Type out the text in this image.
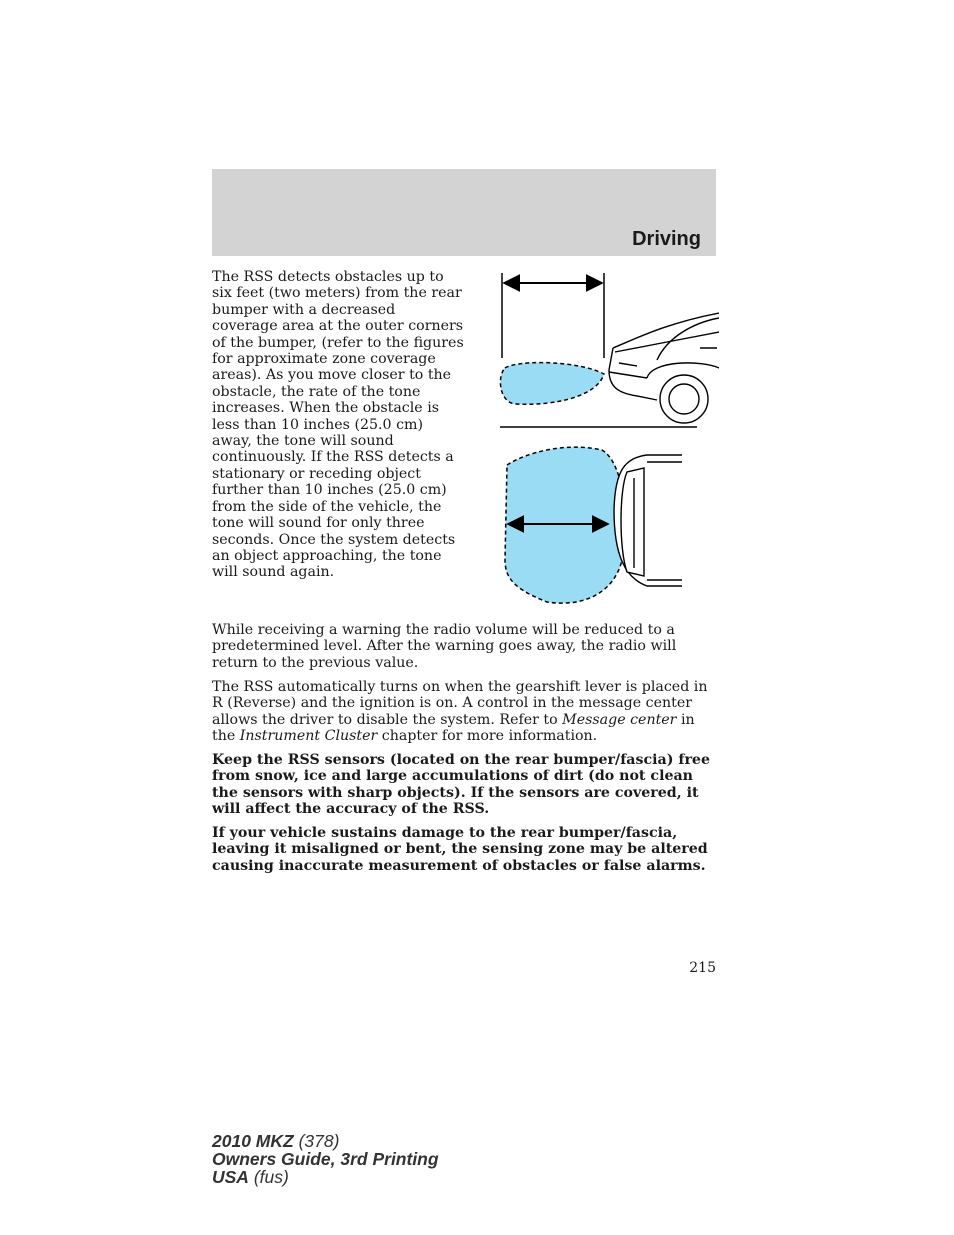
Driving

The RSS detects obstacles up to six feet (two meters) from the rear bumper with a decreased coverage area at the outer corners of the bumper, (refer to the figures for approximate zone coverage areas). As you move closer to the obstacle, the rate of the tone increases. When the obstacle is less than 10 inches (25.0 cm) away, the tone will sound continuously. If the RSS detects a stationary or receding object further than 10 inches (25.0 cm) from the side of the vehicle, the tone will sound for only three seconds. Once the system detects an object approaching, the tone will sound again.

While receiving a warning the radio volume will be reduced to a predetermined level. After the warning goes away, the radio will return to the previous value.

The RSS automatically turns on when the gearshift lever is placed in R (Reverse) and the ignition is on. A control in the message center allows the driver to disable the system. Refer to Message center in the Instrument Cluster chapter for more information.

Keep the RSS sensors (located on the rear bumper/fascia) free from snow, ice and large accumulations of dirt (do not clean the sensors with sharp objects). If the sensors are covered, it will affect the accuracy of the RSS.

If your vehicle sustains damage to the rear bumper/fascia, leaving it misaligned or bent, the sensing zone may be altered causing inaccurate measurement of obstacles or false alarms.

215
2010 MKZ (378)
Owners Guide, 3rd Printing
USA (fus)
